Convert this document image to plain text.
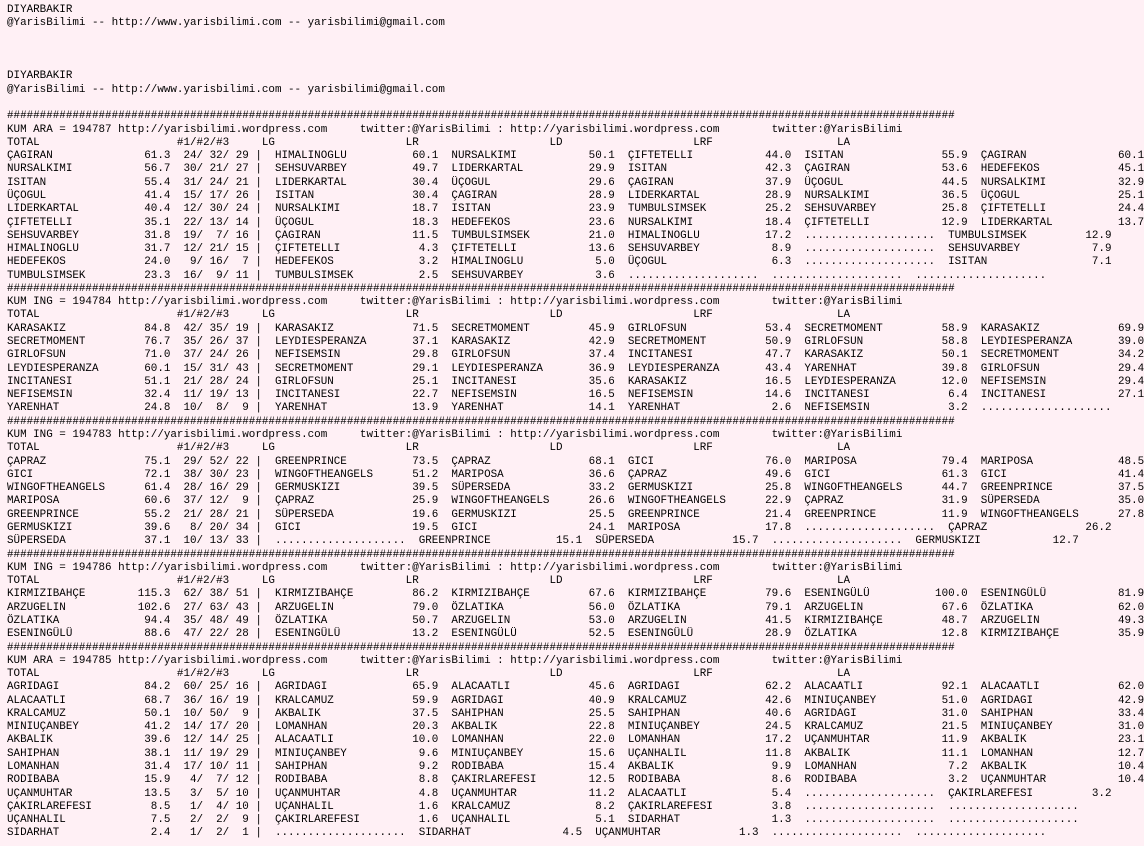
DIYARBAKIR
@YarisBilimi -- http://www.yarisbilimi.com -- yarisbilimi@gmail.com

DIYARBAKIR
@YarisBilimi -- http://www.yarisbilimi.com -- yarisbilimi@gmail.com

#################################################################################################################################################
KUM ARA = 194787 http://yarisbilimi.wordpress.com     twitter:@YarisBilimi : http://yarisbilimi.wordpress.com        twitter:@YarisBilimi
TOTAL                     #1/#2/#3     LG                    LR                    LD                    LRF                   LA
ÇAGIRAN              61.3  24/ 32/ 29 |  HIMALINOGLU          60.1  NURSALKIMI           50.1  ÇIFTETELLI           44.0  ISITAN               55.9  ÇAGIRAN              60.1
NURSALKIMI           56.7  30/ 21/ 27 |  SEHSUVARBEY          49.7  LIDERKARTAL          29.9  ISITAN               42.3  ÇAGIRAN              53.6  HEDEFEKOS            45.1
ISITAN               55.4  31/ 24/ 21 |  LIDERKARTAL          30.4  ÜÇOGUL               29.6  ÇAGIRAN              37.9  ÜÇOGUL               44.5  NURSALKIMI           32.9
ÜÇOGUL               41.4  15/ 17/ 26 |  ISITAN               30.4  ÇAGIRAN              28.9  LIDERKARTAL          28.9  NURSALKIMI           36.5  ÜÇOGUL               25.1
LIDERKARTAL          40.4  12/ 30/ 24 |  NURSALKIMI           18.7  ISITAN               23.9  TUMBULSIMSEK         25.2  SEHSUVARBEY          25.8  ÇIFTETELLI           24.4
ÇIFTETELLI           35.1  22/ 13/ 14 |  ÜÇOGUL               18.3  HEDEFEKOS            23.6  NURSALKIMI           18.4  ÇIFTETELLI           12.9  LIDERKARTAL          13.7
SEHSUVARBEY          31.8  19/  7/ 16 |  ÇAGIRAN              11.5  TUMBULSIMSEK         21.0  HIMALINOGLU          17.2  ....................  TUMBULSIMSEK         12.9
HIMALINOGLU          31.7  12/ 21/ 15 |  ÇIFTETELLI            4.3  ÇIFTETELLI           13.6  SEHSUVARBEY           8.9  ....................  SEHSUVARBEY           7.9
HEDEFEKOS            24.0   9/ 16/  7 |  HEDEFEKOS             3.2  HIMALINOGLU           5.0  ÜÇOGUL                6.3  ....................  ISITAN                7.1
TUMBULSIMSEK         23.3  16/  9/ 11 |  TUMBULSIMSEK          2.5  SEHSUVARBEY           3.6  ....................  ....................  ....................
#################################################################################################################################################
KUM ING = 194784 http://yarisbilimi.wordpress.com     twitter:@YarisBilimi : http://yarisbilimi.wordpress.com        twitter:@YarisBilimi
TOTAL                     #1/#2/#3     LG                    LR                    LD                    LRF                   LA
KARASAKIZ            84.8  42/ 35/ 19 |  KARASAKIZ            71.5  SECRETMOMENT         45.9  GIRLOFSUN            53.4  SECRETMOMENT         58.9  KARASAKIZ            69.9
SECRETMOMENT         76.7  35/ 26/ 37 |  LEYDIESPERANZA       37.1  KARASAKIZ            42.9  SECRETMOMENT         50.9  GIRLOFSUN            58.8  LEYDIESPERANZA       39.0
GIRLOFSUN            71.0  37/ 24/ 26 |  NEFISEMSIN           29.8  GIRLOFSUN            37.4  INCITANESI           47.7  KARASAKIZ            50.1  SECRETMOMENT         34.2
LEYDIESPERANZA       60.1  15/ 31/ 43 |  SECRETMOMENT         29.1  LEYDIESPERANZA       36.9  LEYDIESPERANZA       43.4  YARENHAT             39.8  GIRLOFSUN            29.4
INCITANESI           51.1  21/ 28/ 24 |  GIRLOFSUN            25.1  INCITANESI           35.6  KARASAKIZ            16.5  LEYDIESPERANZA       12.0  NEFISEMSIN           29.4
NEFISEMSIN           32.4  11/ 19/ 13 |  INCITANESI           22.7  NEFISEMSIN           16.5  NEFISEMSIN           14.6  INCITANESI            6.4  INCITANESI           27.1
YARENHAT             24.8  10/  8/  9 |  YARENHAT             13.9  YARENHAT             14.1  YARENHAT              2.6  NEFISEMSIN            3.2  ....................
#################################################################################################################################################
KUM ING = 194783 http://yarisbilimi.wordpress.com     twitter:@YarisBilimi : http://yarisbilimi.wordpress.com        twitter:@YarisBilimi
TOTAL                     #1/#2/#3     LG                    LR                    LD                    LRF                   LA
ÇAPRAZ               75.1  29/ 52/ 22 |  GREENPRINCE          73.5  ÇAPRAZ               68.1  GICI                 76.0  MARIPOSA             79.4  MARIPOSA             48.5
GICI                 72.1  38/ 30/ 23 |  WINGOFTHEANGELS      51.2  MARIPOSA             36.6  ÇAPRAZ               49.6  GICI                 61.3  GICI                 41.4
WINGOFTHEANGELS      61.4  28/ 16/ 29 |  GERMUSKIZI           39.5  SÜPERSEDA            33.2  GERMUSKIZI           25.8  WINGOFTHEANGELS      44.7  GREENPRINCE          37.5
MARIPOSA             60.6  37/ 12/  9 |  ÇAPRAZ               25.9  WINGOFTHEANGELS      26.6  WINGOFTHEANGELS      22.9  ÇAPRAZ               31.9  SÜPERSEDA            35.0
GREENPRINCE          55.2  21/ 28/ 21 |  SÜPERSEDA            19.6  GERMUSKIZI           25.5  GREENPRINCE          21.4  GREENPRINCE          11.9  WINGOFTHEANGELS      27.8
GERMUSKIZI           39.6   8/ 20/ 34 |  GICI                 19.5  GICI                 24.1  MARIPOSA             17.8  ....................  ÇAPRAZ               26.2
SÜPERSEDA            37.1  10/ 13/ 33 |  ....................  GREENPRINCE          15.1  SÜPERSEDA            15.7  ....................  GERMUSKIZI           12.7
#################################################################################################################################################
KUM ING = 194786 http://yarisbilimi.wordpress.com     twitter:@YarisBilimi : http://yarisbilimi.wordpress.com        twitter:@YarisBilimi
TOTAL                     #1/#2/#3     LG                    LR                    LD                    LRF                   LA
KIRMIZIBAHÇE        115.3  62/ 38/ 51 |  KIRMIZIBAHÇE         86.2  KIRMIZIBAHÇE         67.6  KIRMIZIBAHÇE         79.6  ESENINGÜLÜ          100.0  ESENINGÜLÜ           81.9
ARZUGELIN           102.6  27/ 63/ 43 |  ARZUGELIN            79.0  ÖZLATIKA             56.0  ÖZLATIKA             79.1  ARZUGELIN            67.6  ÖZLATIKA             62.0
ÖZLATIKA             94.4  35/ 48/ 49 |  ÖZLATIKA             50.7  ARZUGELIN            53.0  ARZUGELIN            41.5  KIRMIZIBAHÇE         48.7  ARZUGELIN            49.3
ESENINGÜLÜ           88.6  47/ 22/ 28 |  ESENINGÜLÜ           13.2  ESENINGÜLÜ           52.5  ESENINGÜLÜ           28.9  ÖZLATIKA             12.8  KIRMIZIBAHÇE         35.9
#################################################################################################################################################
KUM ARA = 194785 http://yarisbilimi.wordpress.com     twitter:@YarisBilimi : http://yarisbilimi.wordpress.com        twitter:@YarisBilimi
TOTAL                     #1/#2/#3     LG                    LR                    LD                    LRF                   LA
AGRIDAGI             84.2  60/ 25/ 16 |  AGRIDAGI             65.9  ALACAATLI            45.6  AGRIDAGI             62.2  ALACAATLI            92.1  ALACAATLI            62.0
ALACAATLI            68.7  36/ 16/ 19 |  KRALCAMUZ            59.9  AGRIDAGI             40.9  KRALCAMUZ            42.6  MINIUÇANBEY          51.0  AGRIDAGI             42.9
KRALCAMUZ            50.1  10/ 50/  9 |  AKBALIK              37.5  SAHIPHAN             25.5  SAHIPHAN             40.6  AGRIDAGI             31.0  SAHIPHAN             33.4
MINIUÇANBEY          41.2  14/ 17/ 20 |  LOMANHAN             20.3  AKBALIK              22.8  MINIUÇANBEY          24.5  KRALCAMUZ            21.5  MINIUÇANBEY          31.0
AKBALIK              39.6  12/ 14/ 25 |  ALACAATLI            10.0  LOMANHAN             22.0  LOMANHAN             17.2  UÇANMUHTAR           11.9  AKBALIK              23.1
SAHIPHAN             38.1  11/ 19/ 29 |  MINIUÇANBEY           9.6  MINIUÇANBEY          15.6  UÇANHALIL            11.8  AKBALIK              11.1  LOMANHAN             12.7
LOMANHAN             31.4  17/ 10/ 11 |  SAHIPHAN              9.2  RODIBABA             15.4  AKBALIK               9.9  LOMANHAN              7.2  AKBALIK              10.4
RODIBABA             15.9   4/  7/ 12 |  RODIBABA              8.8  ÇAKIRLAREFESI        12.5  RODIBABA              8.6  RODIBABA              3.2  UÇANMUHTAR           10.4
UÇANMUHTAR           13.5   3/  5/ 10 |  UÇANMUHTAR            4.8  UÇANMUHTAR           11.2  ALACAATLI             5.4  ....................  ÇAKIRLAREFESI         3.2
ÇAKIRLAREFESI         8.5   1/  4/ 10 |  UÇANHALIL             1.6  KRALCAMUZ             8.2  ÇAKIRLAREFESI         3.8  ....................  ....................
UÇANHALIL             7.5   2/  2/  9 |  ÇAKIRLAREFESI         1.6  UÇANHALIL             5.1  SIDARHAT              1.3  ....................  ....................
SIDARHAT              2.4   1/  2/  1 |  ....................  SIDARHAT              4.5  UÇANMUHTAR            1.3  ....................  ....................
